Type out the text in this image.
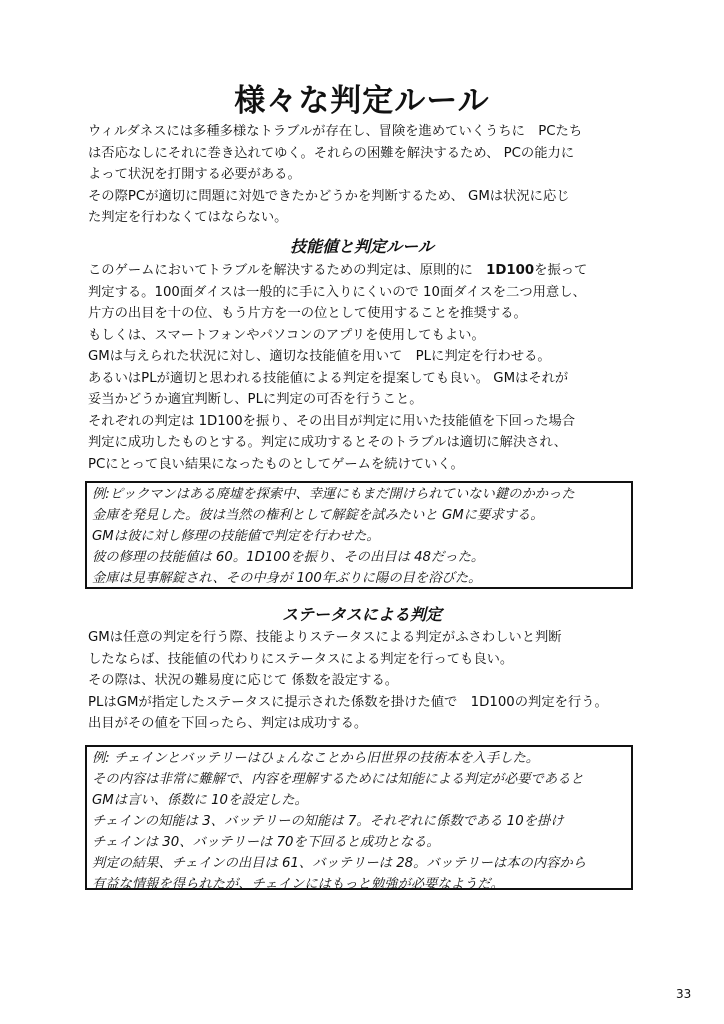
様々な判定ルール
ウィルダネスには多種多様なトラブルが存在し、冒険を進めていくうちに　PCたち
は否応なしにそれに巻き込れてゆく。それらの困難を解決するため、 PCの能力に
よって状況を打開する必要がある。
その際PCが適切に問題に対処できたかどうかを判断するため、 GMは状況に応じ
た判定を行わなくてはならない。
技能値と判定ルール
このゲームにおいてトラブルを解決するための判定は、原則的に　1D100を振って
判定する。100面ダイスは一般的に手に入りにくいので 10面ダイスを二つ用意し、
片方の出目を十の位、もう片方を一の位として使用することを推奨する。
もしくは、スマートフォンやパソコンのアプリを使用してもよい。
GMは与えられた状況に対し、適切な技能値を用いて　PLに判定を行わせる。
あるいはPLが適切と思われる技能値による判定を提案しても良い。 GMはそれが
妥当かどうか適宜判断し、PLに判定の可否を行うこと。
それぞれの判定は 1D100を振り、その出目が判定に用いた技能値を下回った場合
判定に成功したものとする。判定に成功するとそのトラブルは適切に解決され、
PCにとって良い結果になったものとしてゲームを続けていく。
例:ピックマンはある廃墟を探索中、幸運にもまだ開けられていない鍵のかかった
金庫を発見した。彼は当然の権利として解錠を試みたいと GMに要求する。
GMは彼に対し修理の技能値で判定を行わせた。
彼の修理の技能値は 60。1D100を振り、その出目は 48だった。
金庫は見事解錠され、その中身が 100年ぶりに陽の目を浴びた。
ステータスによる判定
GMは任意の判定を行う際、技能よりステータスによる判定がふさわしいと判断
したならば、技能値の代わりにステータスによる判定を行っても良い。
その際は、状況の難易度に応じて 係数を設定する。
PLはGMが指定したステータスに提示された係数を掛けた値で　1D100の判定を行う。
出目がその値を下回ったら、判定は成功する。
例: チェインとバッテリーはひょんなことから旧世界の技術本を入手した。
その内容は非常に難解で、内容を理解するためには知能による判定が必要であると
GMは言い、係数に 10を設定した。
チェインの知能は 3、バッテリーの知能は 7。それぞれに係数である 10を掛け
チェインは 30、バッテリーは 70を下回ると成功となる。
判定の結果、チェインの出目は 61、バッテリーは 28。バッテリーは本の内容から
有益な情報を得られたが、チェインにはもっと勉強が必要なようだ。
33
